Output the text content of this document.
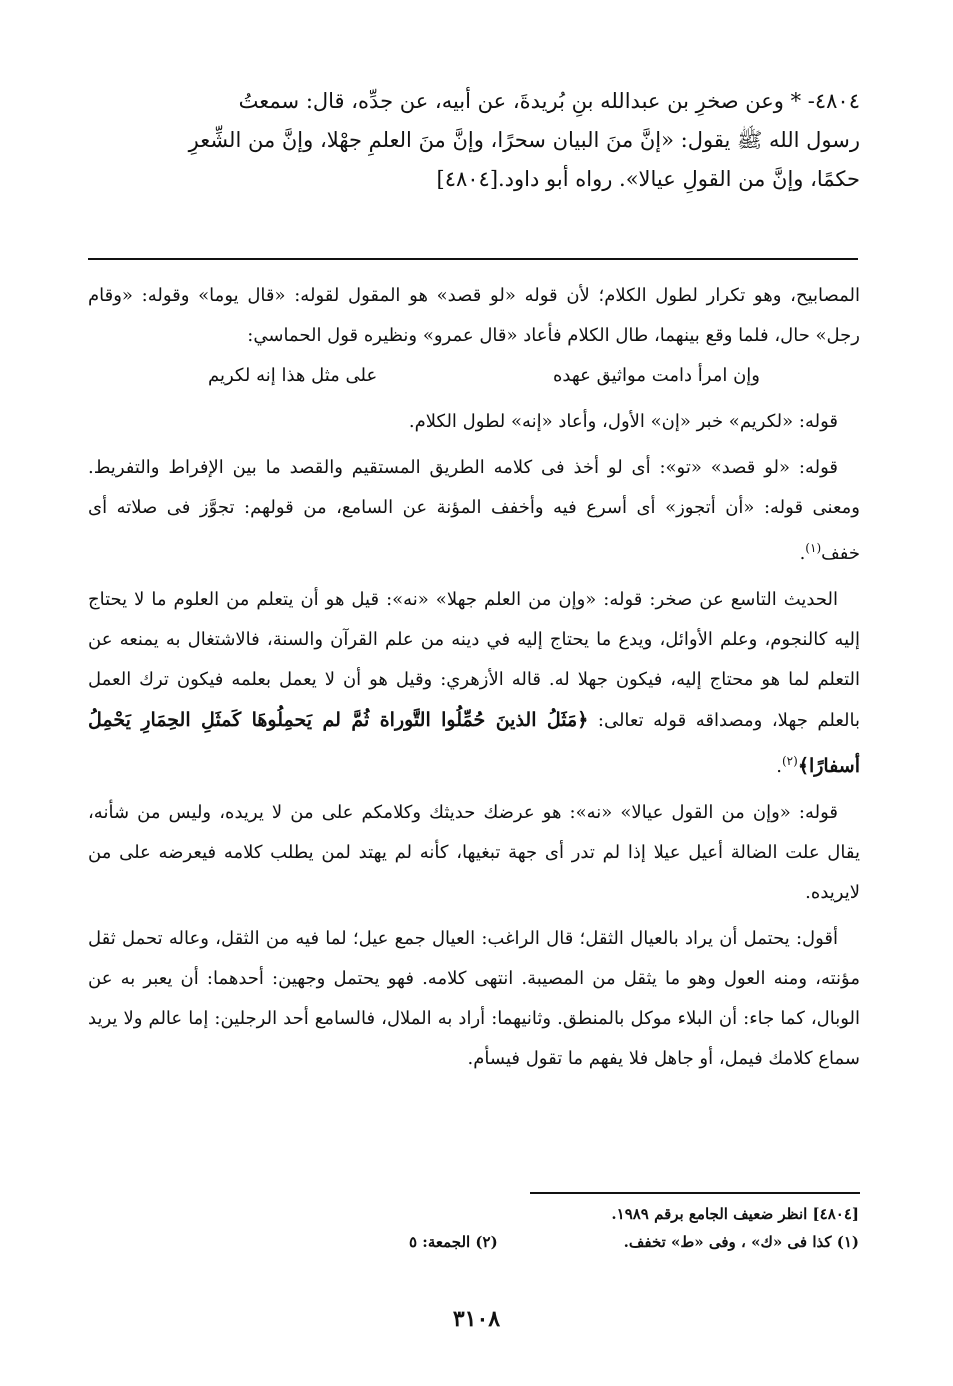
٤٨٠٤- * وعن صخرِ بن عبدالله بنِ بُريدةَ، عن أبيه، عن جدِّه، قال: سمعتُ

رسول الله ﷺ يقول: «إنَّ منَ البيان سحرًا، وإنَّ منَ العلمِ جهْلا، وإنَّ من الشِّعرِ

حكمًا، وإنَّ من القولِ عيالا». رواه أبو داود.[٤٨٠٤]

المصابيح، وهو تكرار لطول الكلام؛ لأن قوله «لو قصد» هو المقول لقوله: «قال يوما» وقوله: «وقام رجل» حال، فلما وقع بينهما، طال الكلام فأعاد «قال عمرو» ونظيره قول الحماسي:

وإن امرأ دامت مواثيق عهده
على مثل هذا إنه لكريم

قوله: «لكريم» خبر «إن» الأول، وأعاد «إنه» لطول الكلام.

قوله: «لو قصد» «تو»: أى لو أخذ فى كلامه الطريق المستقيم والقصد ما بين الإفراط والتفريط. ومعنى قوله: «أن أتجوز» أى أسرع فيه وأخفف المؤنة عن السامع، من قولهم: تجوَّز فى صلاته أى خفف$^{(١)}$.

الحديث التاسع عن صخر: قوله: «وإن من العلم جهلا» «نه»: قيل هو أن يتعلم من العلوم ما لا يحتاج إليه كالنجوم، وعلم الأوائل، ويدع ما يحتاج إليه في دينه من علم القرآن والسنة، فالاشتغال به يمنعه عن التعلم لما هو محتاج إليه، فيكون جهلا له. قاله الأزهري: وقيل هو أن لا يعمل بعلمه فيكون ترك العمل بالعلم جهلا، ومصداقه قوله تعالى: ﴿مَثَلُ الذينَ حُمِّلُوا التَّوراة ثُمَّ لم يَحمِلُوهَا كَمثَلِ الحِمَارِ يَحْمِلُ أسفارًا﴾$^{(٢)}$.

قوله: «وإن من القول عيالا» «نه»: هو عرضك حديثك وكلامكم على من لا يريده، وليس من شأنه، يقال علت الضالة أعيل عيلا إذا لم تدر أى جهة تبغيها، كأنه لم يهتد لمن يطلب كلامه فيعرضه على من لايريده.

أقول: يحتمل أن يراد بالعيال الثقل؛ قال الراغب: العيال جمع عيل؛ لما فيه من الثقل، وعاله تحمل ثقل مؤنته، ومنه العول وهو ما يثقل من المصيبة. انتهى كلامه. فهو يحتمل وجهين: أحدهما: أن يعبر به عن الوبال، كما جاء: أن البلاء موكل بالمنطق. وثانيهما: أراد به الملال، فالسامع أحد الرجلين: إما عالم ولا يريد سماع كلامك فيمل، أو جاهل فلا يفهم ما تقول فيسأم.

[٤٨٠٤] انظر ضعيف الجامع برقم ١٩٨٩.
(١) كذا فى «ك» ، وفى «ط» تخفف.
(٢) الجمعة: ٥
٣١٠٨
